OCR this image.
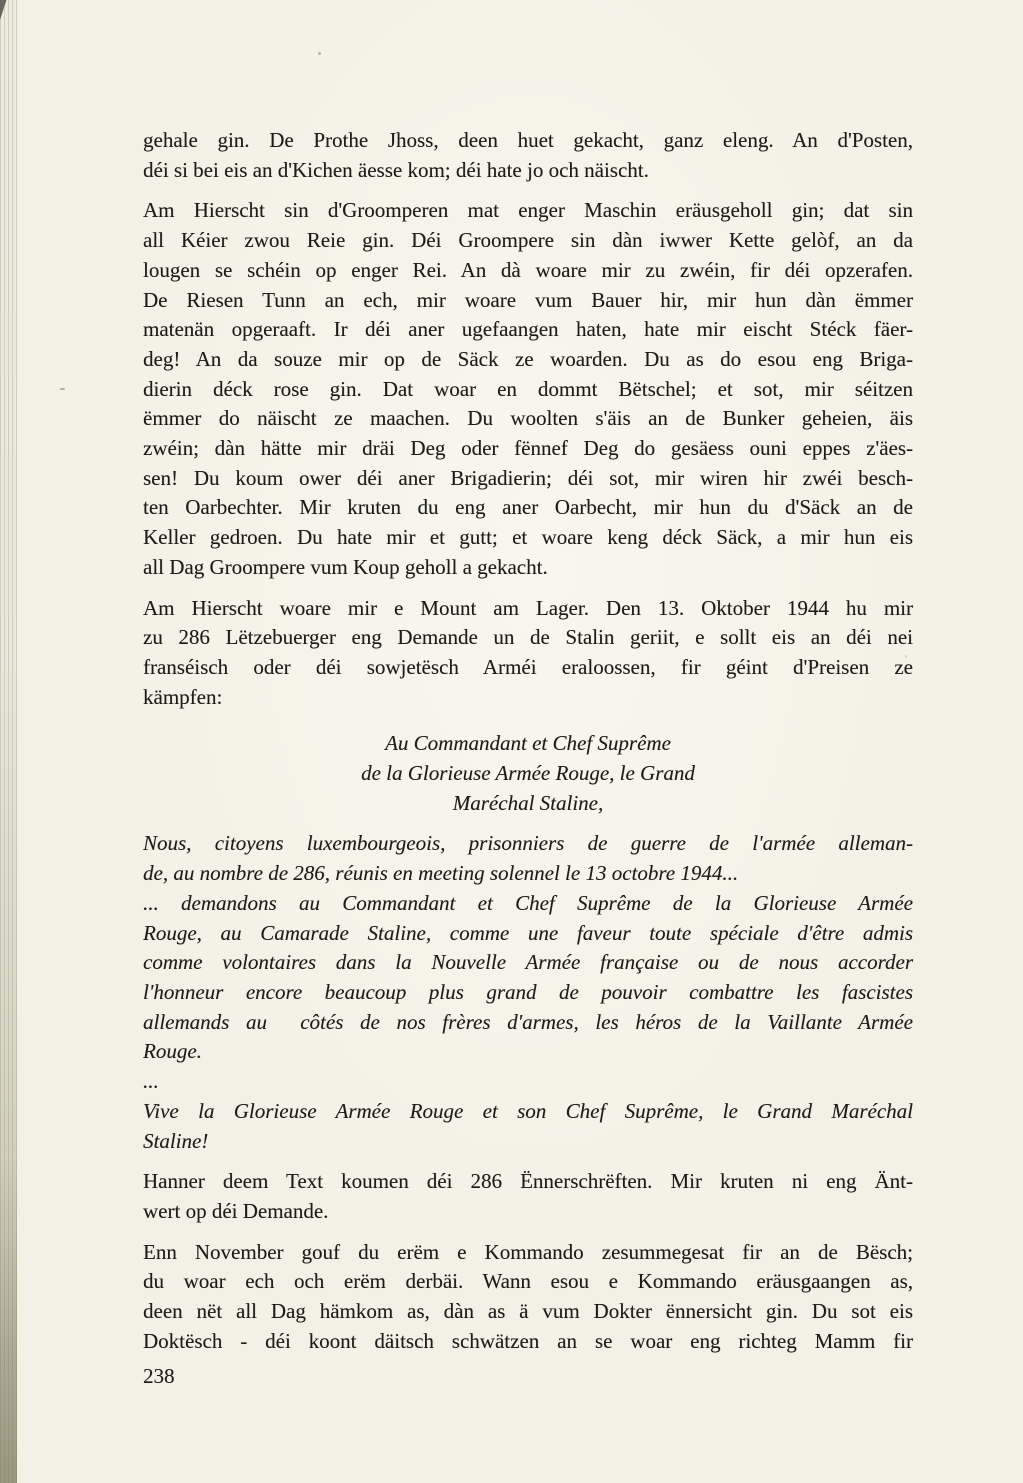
gehale gin. De Prothe Jhoss, deen huet gekacht, ganz eleng. An d'Posten,
déi si bei eis an d'Kichen äesse kom; déi hate jo och näischt.
Am Hierscht sin d'Groomperen mat enger Maschin eräusgeholl gin; dat sin
all Kéier zwou Reie gin. Déi Groompere sin dàn iwwer Kette gelòf, an da
lougen se schéin op enger Rei. An dà woare mir zu zwéin, fir déi opzerafen.
De Riesen Tunn an ech, mir woare vum Bauer hir, mir hun dàn ëmmer
matenän opgeraaft. Ir déi aner ugefaangen haten, hate mir eischt Stéck fäer-
deg! An da souze mir op de Säck ze woarden. Du as do esou eng Briga-
dierin déck rose gin. Dat woar en dommt Bëtschel; et sot, mir séitzen
ëmmer do näischt ze maachen. Du woolten s'äis an de Bunker geheien, äis
zwéin; dàn hätte mir dräi Deg oder fënnef Deg do gesäess ouni eppes z'äes-
sen! Du koum ower déi aner Brigadierin; déi sot, mir wiren hir zwéi besch-
ten Oarbechter. Mir kruten du eng aner Oarbecht, mir hun du d'Säck an de
Keller gedroen. Du hate mir et gutt; et woare keng déck Säck, a mir hun eis
all Dag Groompere vum Koup geholl a gekacht.
Am Hierscht woare mir e Mount am Lager. Den 13. Oktober 1944 hu mir
zu 286 Lëtzebuerger eng Demande un de Stalin geriit, e sollt eis an déi nei
franséisch oder déi sowjetësch Arméi eraloossen, fir géint d'Preisen ze
kämpfen:
Au Commandant et Chef Suprême
de la Glorieuse Armée Rouge, le Grand
Maréchal Staline,
Nous, citoyens luxembourgeois, prisonniers de guerre de l'armée alleman-
de, au nombre de 286, réunis en meeting solennel le 13 octobre 1944...
... demandons au Commandant et Chef Suprême de la Glorieuse Armée
Rouge, au Camarade Staline, comme une faveur toute spéciale d'être admis
comme volontaires dans la Nouvelle Armée française ou de nous accorder
l'honneur encore beaucoup plus grand de pouvoir combattre les fascistes
allemands au  côtés de nos frères d'armes, les héros de la Vaillante Armée
Rouge.
...
Vive la Glorieuse Armée Rouge et son Chef Suprême, le Grand Maréchal
Staline!
Hanner deem Text koumen déi 286 Ënnerschrëften. Mir kruten ni eng Änt-
wert op déi Demande.
Enn November gouf du erëm e Kommando zesummegesat fir an de Bësch;
du woar ech och erëm derbäi. Wann esou e Kommando eräusgaangen as,
deen nët all Dag hämkom as, dàn as ä vum Dokter ënnersicht gin. Du sot eis
Doktësch - déi koont däitsch schwätzen an se woar eng richteg Mamm fir
238
